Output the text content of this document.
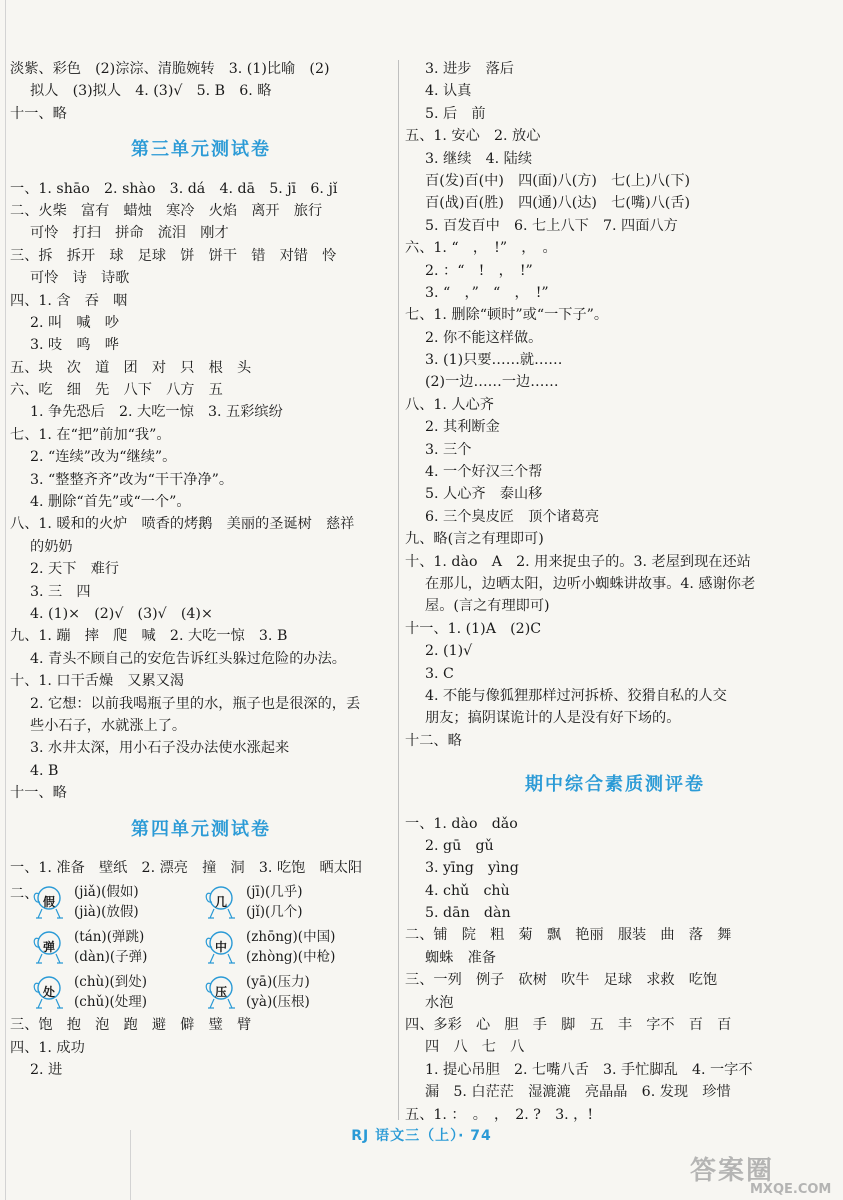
淡紫、彩色　(2)淙淙、清脆婉转　3. (1)比喻　(2)
拟人　(3)拟人　4. (3)√　5. B　6. 略
十一、略
第三单元测试卷
一、1. shāo　2. shào　3. dá　4. dā　5. jī　6. jǐ
二、火柴　富有　蜡烛　寒冷　火焰　离开　旅行
可怜　打扫　拼命　流泪　刚才
三、拆　拆开　球　足球　饼　饼干　错　对错　怜
可怜　诗　诗歌
四、1. 含　吞　咽
2. 叫　喊　吵
3. 吱　鸣　哗
五、块　次　道　团　对　只　根　头
六、吃　细　先　八下　八方　五
1. 争先恐后　2. 大吃一惊　3. 五彩缤纷
七、1. 在“把”前加“我”。
2. “连续”改为“继续”。
3. “整整齐齐”改为“干干净净”。
4. 删除“首先”或“一个”。
八、1. 暖和的火炉　喷香的烤鹅　美丽的圣诞树　慈祥
的奶奶
2. 天下　难行
3. 三　四
4. (1)×　(2)√　(3)√　(4)×
九、1. 蹦　摔　爬　喊　2. 大吃一惊　3. B
4. 青头不顾自己的安危告诉红头躲过危险的办法。
十、1. 口干舌燥　又累又渴
2. 它想：以前我喝瓶子里的水，瓶子也是很深的，丢
些小石子，水就涨上了。
3. 水井太深，用小石子没办法使水涨起来
4. B
十一、略
第四单元测试卷
一、1. 准备　壁纸　2. 漂亮　撞　洞　3. 吃饱　晒太阳
二、 假
(jiǎ)(假如)
(jià)(放假)
几
(jī)(几乎)
(jǐ)(几个)
弹
(tán)(弹跳)
(dàn)(子弹)
中
(zhōng)(中国)
(zhòng)(中枪)
处
(chù)(到处)
(chǔ)(处理)
压
(yā)(压力)
(yà)(压根)
三、饱　抱　泡　跑　避　僻　璧　臂
四、1. 成功
2. 进
3. 进步　落后
4. 认真
5. 后　前
五、1. 安心　2. 放心
3. 继续　4. 陆续
百(发)百(中)　四(面)八(方)　七(上)八(下)
百(战)百(胜)　四(通)八(达)　七(嘴)八(舌)
5. 百发百中　6. 七上八下　7. 四面八方
六、1. “　，　!”　，　。
2. ：“　!　，　!”
3. “　，”　“　，　!”
七、1. 删除“顿时”或“一下子”。
2. 你不能这样做。
3. (1)只要……就……
(2)一边……一边……
八、1. 人心齐
2. 其利断金
3. 三个
4. 一个好汉三个帮
5. 人心齐　泰山移
6. 三个臭皮匠　顶个诸葛亮
九、略(言之有理即可)
十、1. dào　A　2. 用来捉虫子的。3. 老屋到现在还站
在那儿，边晒太阳，边听小蜘蛛讲故事。4. 感谢你老
屋。(言之有理即可)
十一、1. (1)A　(2)C
2. (1)√
3. C
4. 不能与像狐狸那样过河拆桥、狡猾自私的人交
朋友；搞阴谋诡计的人是没有好下场的。
十二、略
期中综合素质测评卷
一、1. dào　dǎo
2. gū　gǔ
3. yīng　yìng
4. chǔ　chù
5. dān　dàn
二、铺　院　粗　菊　飘　艳丽　服装　曲　落　舞
蜘蛛　准备
三、一列　例子　砍树　吹牛　足球　求救　吃饱
水泡
四、多彩　心　胆　手　脚　五　丰　字不　百　百
四　八　七　八
1. 提心吊胆　2. 七嘴八舌　3. 手忙脚乱　4. 一字不
漏　5. 白茫茫　湿漉漉　亮晶晶　6. 发现　珍惜
五、1. ：　。　，　2. ?　3. ，!
RJ 语文三（上）· 74
答案圈
MXQE.COM
